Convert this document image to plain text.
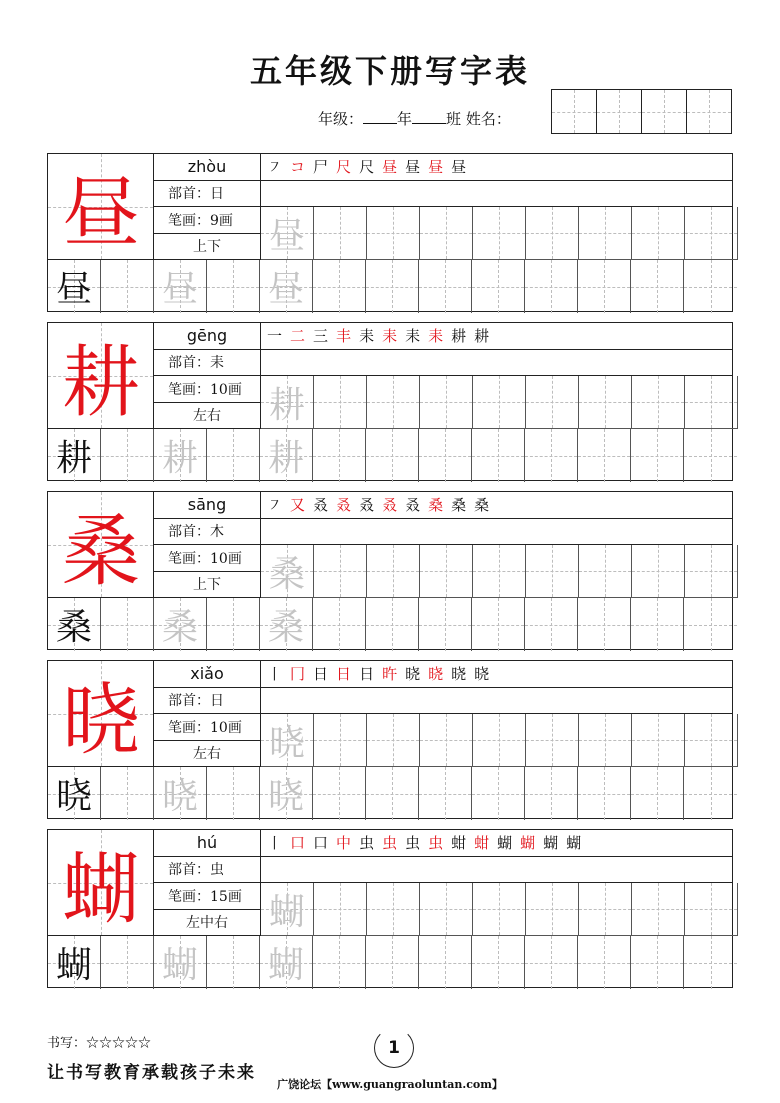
五年级下册写字表
年级： 年 班 姓名：
昼
zhòu
部首：日
笔画：9画
上下
㇇ コ 尸 尺 尺 昼 昼 昼 昼
昼
昼 昼 昼
耕
gēng
部首：耒
笔画：10画
左右
一 二 三 丰 耒 耒 耒 耒 耕 耕
耕
耕 耕 耕
桑
sāng
部首：木
笔画：10画
上下
㇇ 又 叒 叒 叒 叒 叒 桑 桑 桑
桑
桑 桑 桑
晓
xiǎo
部首：日
笔画：10画
左右
丨 冂 日 日 日 旿 晓 晓 晓 晓
晓
晓 晓 晓
蝴
hú
部首：虫
笔画：15画
左中右
丨 口 口 中 虫 虫 虫 虫 蚶 蚶 蝴 蝴 蝴 蝴
蝴
蝴 蝴 蝴
书写：☆☆☆☆☆
让书写教育承载孩子未来
1
广饶论坛【www.guangraoluntan.com】
